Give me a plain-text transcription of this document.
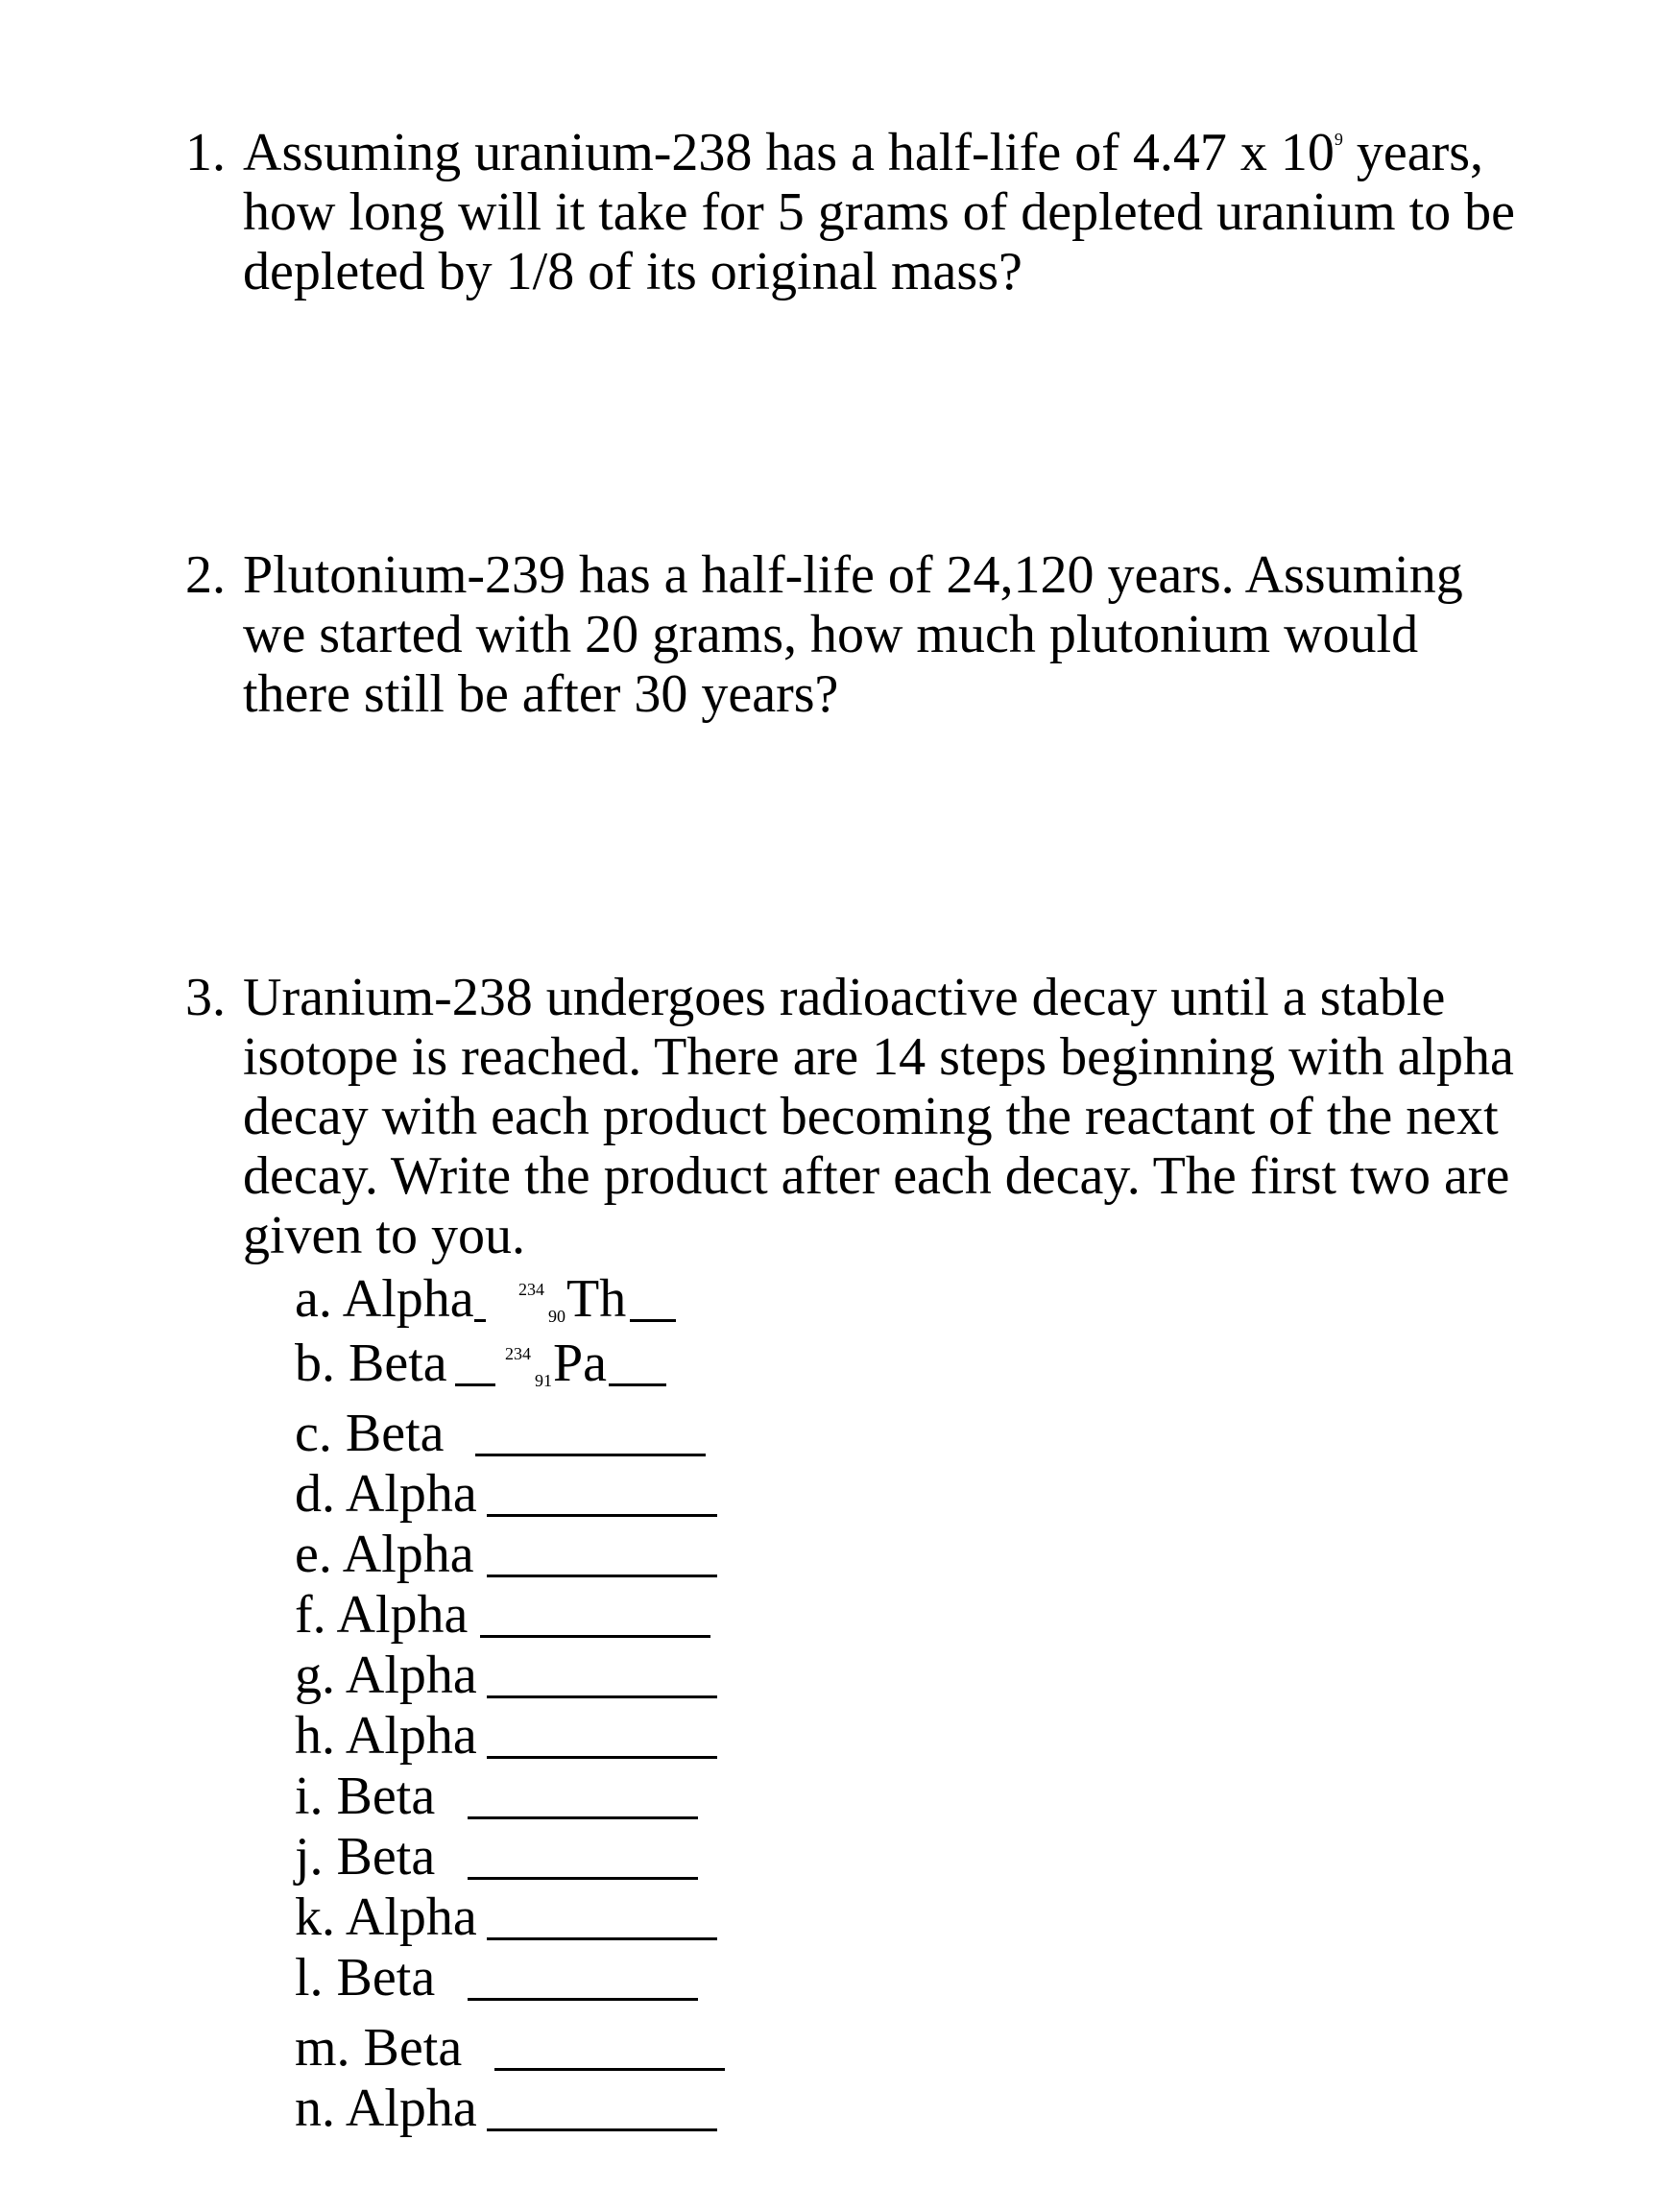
1. Assuming uranium-238 has a half-life of 4.47 x $10^9$ years,
how long will it take for 5 grams of depleted uranium to be
depleted by 1/8 of its original mass?
2. Plutonium-239 has a half-life of 24,120 years. Assuming
we started with 20 grams, how much plutonium would
there still be after 30 years?
3. Uranium-238 undergoes radioactive decay until a stable
isotope is reached. There are 14 steps beginning with alpha
decay with each product becoming the reactant of the next
decay. Write the product after each decay. The first two are
given to you.
a. Alpha	234
90 Th
b. Beta	234
91 Pa
c. Beta
d. Alpha
e. Alpha
f. Alpha
g. Alpha
h. Alpha
i. Beta
j. Beta
k. Alpha
l. Beta
m. Beta
n. Alpha
